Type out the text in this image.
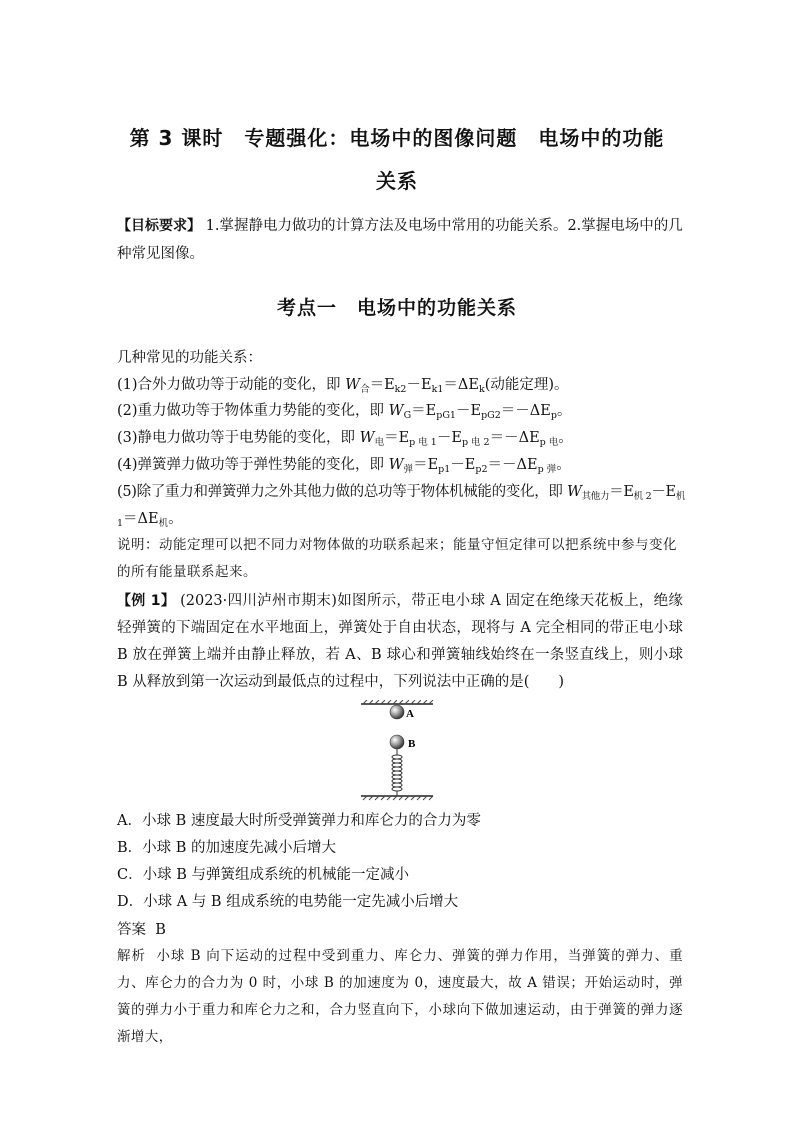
第 3 课时　专题强化：电场中的图像问题　电场中的功能
关系
【目标要求】 1.掌握静电力做功的计算方法及电场中常用的功能关系。2.掌握电场中的几种常见图像。
考点一　电场中的功能关系
几种常见的功能关系：
(1)合外力做功等于动能的变化，即 $W_合=E_{k2}-E_{k1}=\Delta E_k$(动能定理)。
(2)重力做功等于物体重力势能的变化，即 $W_G=E_{pG1}-E_{pG2}=-\Delta E_p$。
(3)静电力做功等于电势能的变化，即 $W_电=E_{p 电 1}-E_{p 电 2}=-\Delta E_{p 电}$。
(4)弹簧弹力做功等于弹性势能的变化，即 $W_弹=E_{p1}-E_{p2}=-\Delta E_{p 弹}$。
(5)除了重力和弹簧弹力之外其他力做的总功等于物体机械能的变化，即 $W_{其他力}=E_{机 2}-E_机$
$_1=\Delta E_机$。
说明：动能定理可以把不同力对物体做的功联系起来；能量守恒定律可以把系统中参与变化的所有能量联系起来。
【例 1】 (2023·四川泸州市期末)如图所示，带正电小球 A 固定在绝缘天花板上，绝缘轻弹簧的下端固定在水平地面上，弹簧处于自由状态，现将与 A 完全相同的带正电小球 B 放在弹簧上端并由静止释放，若 A、B 球心和弹簧轴线始终在一条竖直线上，则小球 B 从释放到第一次运动到最低点的过程中，下列说法中正确的是(　　)
A
B
A．小球 B 速度最大时所受弹簧弹力和库仑力的合力为零
B．小球 B 的加速度先减小后增大
C．小球 B 与弹簧组成系统的机械能一定减小
D．小球 A 与 B 组成系统的电势能一定先减小后增大
答案 B
解析 小球 B 向下运动的过程中受到重力、库仑力、弹簧的弹力作用，当弹簧的弹力、重力、库仑力的合力为 0 时，小球 B 的加速度为 0，速度最大，故 A 错误；开始运动时，弹簧的弹力小于重力和库仑力之和，合力竖直向下，小球向下做加速运动，由于弹簧的弹力逐渐增大，
